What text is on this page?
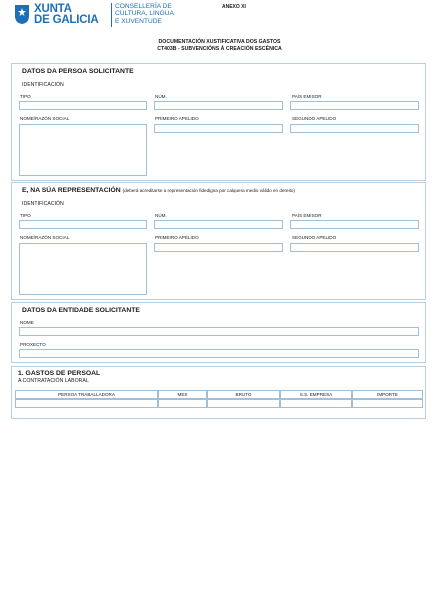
XUNTA
DE GALICIA
CONSELLERÍA DE
CULTURA, LINGUA
E XUVENTUDE
ANEXO XI
DOCUMENTACIÓN XUSTIFICATIVA DOS GASTOS
CT403B - SUBVENCIÓNS Á CREACIÓN ESCÉNICA
DATOS DA PERSOA SOLICITANTE
IDENTIFICACIÓN
TIPO	NÚM.	PAÍS EMISOR
NOME/RAZÓN SOCIAL	PRIMEIRO APELIDO	SEGUNDO APELIDO
E, NA SÚA REPRESENTACIÓN (deberá acreditarse a representación fidedigna por calquera medio válido en dereito)
IDENTIFICACIÓN
TIPO	NÚM.	PAÍS EMISOR
NOME/RAZÓN SOCIAL	PRIMEIRO APELIDO	SEGUNDO APELIDO
DATOS DA ENTIDADE SOLICITANTE
NOME
PROXECTO
1. GASTOS DE PERSOAL
A CONTRATACIÓN LABORAL
PERSOA TRABALLADORA	MES	BRUTO	S.S. EMPRESA	IMPORTE
